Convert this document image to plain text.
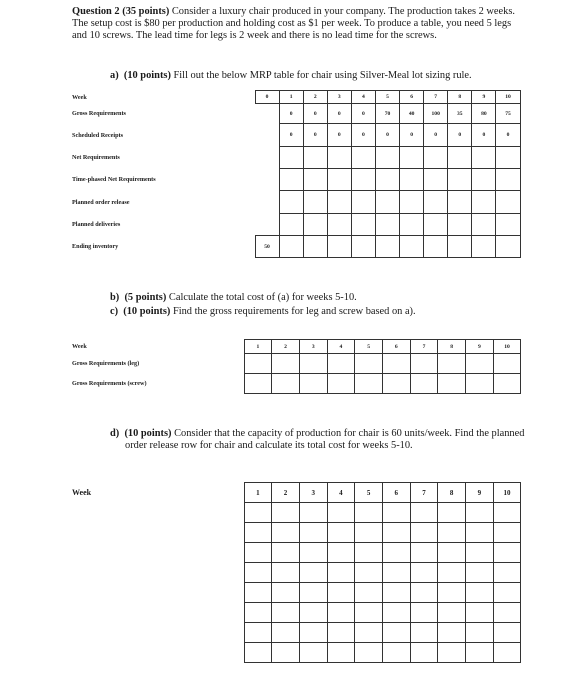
Question 2 (35 points) Consider a luxury chair produced in your company. The production takes 2 weeks. The setup cost is $80 per production and holding cost as $1 per week. To produce a table, you need 5 legs and 10 screws. The lead time for legs is 2 week and there is no lead time for the screws.
a) (10 points) Fill out the below MRP table for chair using Silver-Meal lot sizing rule.
Week	0	1	2	3	4	5	6	7	8	9	10
Gross Requirements		0	0	0	0	70	40	100	35	80	75
Scheduled Receipts		0	0	0	0	0	0	0	0	0	0
Net Requirements											
Time-phased Net Requirements											
Planned order release											
Planned deliveries											
Ending inventory	50										
b) (5 points) Calculate the total cost of (a) for weeks 5-10.
c) (10 points) Find the gross requirements for leg and screw based on a).
Week	1	2	3	4	5	6	7	8	9	10
Gross Requirements (leg)										
Gross Requirements (screw)										
d) (10 points) Consider that the capacity of production for chair is 60 units/week. Find the planned order release row for chair and calculate its total cost for weeks 5-10.
Week	1	2	3	4	5	6	7	8	9	10
